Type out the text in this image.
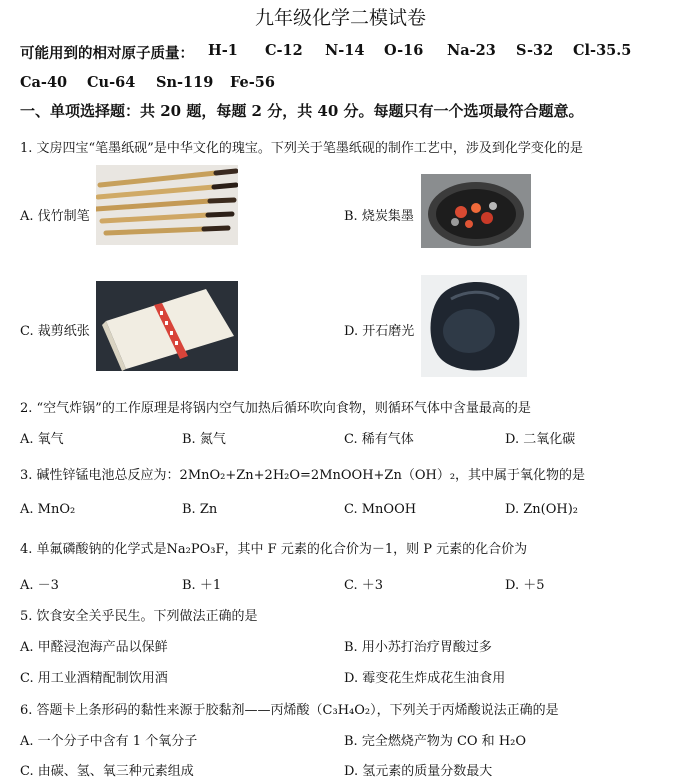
九年级化学二模试卷
可能用到的相对原子质量： H-1 C-12 N-14 O-16 Na-23 S-32 Cl-35.5
Ca-40 Cu-64 Sn-119 Fe-56
一、单项选择题：共 20 题，每题 2 分，共 40 分。每题只有一个选项最符合题意。
1. 文房四宝“笔墨纸砚”是中华文化的瑰宝。下列关于笔墨纸砚的制作工艺中，涉及到化学变化的是
A. 伐竹制笔	B. 烧炭集墨
C. 裁剪纸张	D. 开石磨光
2. “空气炸锅”的工作原理是将锅内空气加热后循环吹向食物，则循环气体中含量最高的是
A. 氧气	B. 氮气	C. 稀有气体	D. 二氧化碳
3. 碱性锌锰电池总反应为：2MnO₂+Zn+2H₂O=2MnOOH+Zn（OH）₂，其中属于氧化物的是
A. MnO₂	B. Zn	C. MnOOH	D. Zn(OH)₂
4. 单氟磷酸钠的化学式是Na₂PO₃F，其中 F 元素的化合价为－1，则 P 元素的化合价为
A. －3	B. ＋1	C. ＋3	D. ＋5
5. 饮食安全关乎民生。下列做法正确的是
A. 甲醛浸泡海产品以保鲜	B. 用小苏打治疗胃酸过多
C. 用工业酒精配制饮用酒	D. 霉变花生炸成花生油食用
6. 答题卡上条形码的黏性来源于胶黏剂——丙烯酸（C₃H₄O₂），下列关于丙烯酸说法正确的是
A. 一个分子中含有 1 个氧分子	B. 完全燃烧产物为 CO 和 H₂O
C. 由碳、氢、氧三种元素组成	D. 氢元素的质量分数最大
